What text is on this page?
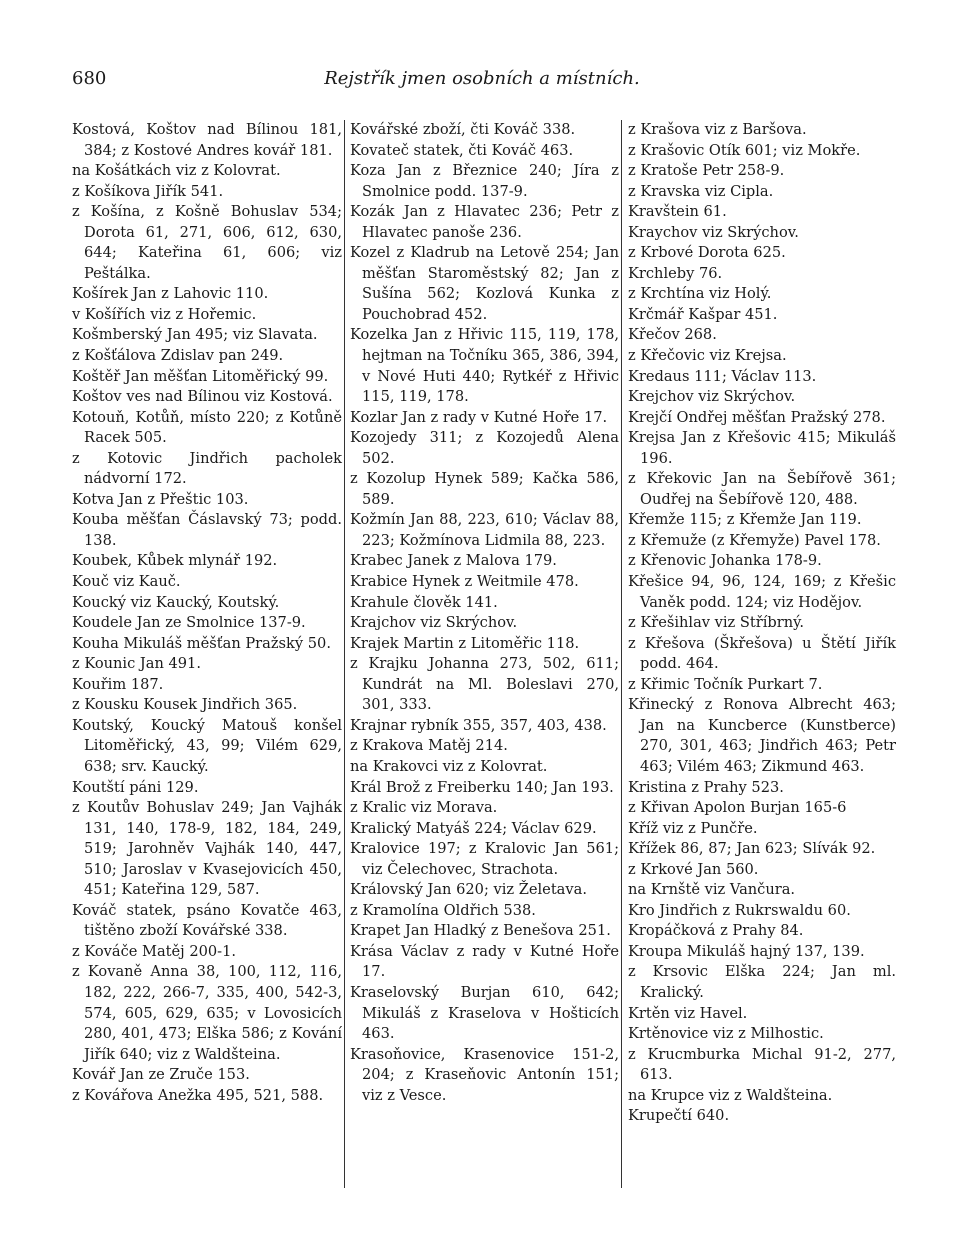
680	Rejstřík jmen osobních a místních.

Kostová, Koštov nad Bílinou 181, 384; z Kostové Andres kovář 181.

na Košátkách viz z Kolovrat.

z Košíkova Jiřík 541.

z Košína, z Košně Bohuslav 534; Dorota 61, 271, 606, 612, 630, 644; Kateřina 61, 606; viz Peštálka.

Košírek Jan z Lahovic 110.

v Košířích viz z Hořemic.

Košmberský Jan 495; viz Slavata.

z Košťálova Zdislav pan 249.

Koštěř Jan měšťan Litoměřický 99.

Koštov ves nad Bílinou viz Kostová.

Kotouň, Kotůň, místo 220; z Kotůně Racek 505.

z Kotovic Jindřich pacholek nádvorní 172.

Kotva Jan z Přeštic 103.

Kouba měšťan Čáslavský 73; podd. 138.

Koubek, Kůbek mlynář 192.

Kouč viz Kauč.

Koucký viz Kaucký, Koutský.

Koudele Jan ze Smolnice 137-9.

Kouha Mikuláš měšťan Pražský 50.

z Kounic Jan 491.

Kouřim 187.

z Kousku Kousek Jindřich 365.

Koutský, Koucký Matouš konšel Litoměřický, 43, 99; Vilém 629, 638; srv. Kaucký.

Koutští páni 129.

z Koutův Bohuslav 249; Jan Vajhák 131, 140, 178-9, 182, 184, 249, 519; Jarohněv Vajhák 140, 447, 510; Jaroslav v Kvasejovicích 450, 451; Kateřina 129, 587.

Kováč statek, psáno Kovatče 463, tištěno zboží Kovářské 338.

z Kováče Matěj 200-1.

z Kovaně Anna 38, 100, 112, 116, 182, 222, 266-7, 335, 400, 542-3, 574, 605, 629, 635; v Lovosicích 280, 401, 473; Elška 586; z Kování Jiřík 640; viz z Waldšteina.

Kovář Jan ze Zruče 153.

z Kovářova Anežka 495, 521, 588.

Kovářské zboží, čti Kováč 338.

Kovateč statek, čti Kováč 463.

Koza Jan z Březnice 240; Jíra z Smolnice podd. 137-9.

Kozák Jan z Hlavatec 236; Petr z Hlavatec panoše 236.

Kozel z Kladrub na Letově 254; Jan měšťan Staroměstský 82; Jan z Sušína 562; Kozlová Kunka z Pouchobrad 452.

Kozelka Jan z Hřivic 115, 119, 178, hejtman na Točníku 365, 386, 394, v Nové Huti 440; Rytkéř z Hřivic 115, 119, 178.

Kozlar Jan z rady v Kutné Hoře 17.

Kozojedy 311; z Kozojedů Alena 502.

z Kozolup Hynek 589; Kačka 586, 589.

Kožmín Jan 88, 223, 610; Václav 88, 223; Kožmínova Lidmila 88, 223.

Krabec Janek z Malova 179.

Krabice Hynek z Weitmile 478.

Krahule člověk 141.

Krajchov viz Skrýchov.

Krajek Martin z Litoměřic 118.

z Krajku Johanna 273, 502, 611; Kundrát na Ml. Boleslavi 270, 301, 333.

Krajnar rybník 355, 357, 403, 438.

z Krakova Matěj 214.

na Krakovci viz z Kolovrat.

Král Brož z Freiberku 140; Jan 193.

z Kralic viz Morava.

Kralický Matyáš 224; Václav 629.

Kralovice 197; z Kralovic Jan 561; viz Čelechovec, Strachota.

Královský Jan 620; viz Želetava.

z Kramolína Oldřich 538.

Krapet Jan Hladký z Benešova 251.

Krása Václav z rady v Kutné Hoře 17.

Kraselovský Burjan 610, 642; Mikuláš z Kraselova v Hošticích 463.

Krasoňovice, Krasenovice 151-2, 204; z Kraseňovic Antonín 151; viz z Vesce.

z Krašova viz z Baršova.

z Krašovic Otík 601; viz Mokře.

z Kratoše Petr 258-9.

z Kravska viz Cipla.

Kravštein 61.

Kraychov viz Skrýchov.

z Krbové Dorota 625.

Krchleby 76.

z Krchtína viz Holý.

Krčmář Kašpar 451.

Křečov 268.

z Křečovic viz Krejsa.

Kredaus 111; Václav 113.

Krejchov viz Skrýchov.

Krejčí Ondřej měšťan Pražský 278.

Krejsa Jan z Křešovic 415; Mikuláš 196.

z Křekovic Jan na Šebířově 361; Oudřej na Šebířově 120, 488.

Křemže 115; z Křemže Jan 119.

z Křemuže (z Křemyže) Pavel 178.

z Křenovic Johanka 178-9.

Křešice 94, 96, 124, 169; z Křešic Vaněk podd. 124; viz Hodějov.

z Křešihlav viz Stříbrný.

z Křešova (Škřešova) u Štětí Jiřík podd. 464.

z Křimic Točník Purkart 7.

Křinecký z Ronova Albrecht 463; Jan na Kuncberce (Kunstberce) 270, 301, 463; Jindřich 463; Petr 463; Vilém 463; Zikmund 463.

Kristina z Prahy 523.

z Křivan Apolon Burjan 165-6

Kříž viz z Punčře.

Křížek 86, 87; Jan 623; Slívák 92.

z Krkové Jan 560.

na Krnště viz Vančura.

Kro Jindřich z Rukrswaldu 60.

Kropáčková z Prahy 84.

Kroupa Mikuláš hajný 137, 139.

z Krsovic Elška 224; Jan ml. Kralický.

Krtěn viz Havel.

Krtěnovice viz z Milhostic.

z Krucmburka Michal 91-2, 277, 613.

na Krupce viz z Waldšteina.

Krupečtí 640.
